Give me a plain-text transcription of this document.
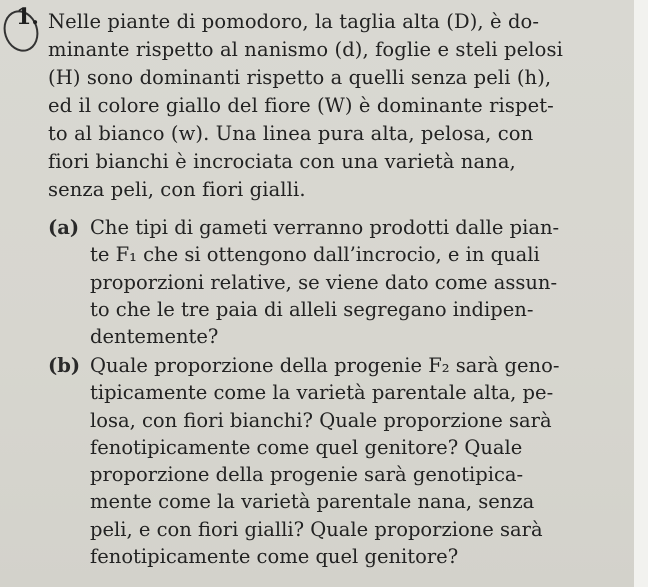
1. Nelle piante di pomodoro, la taglia alta (D), è do-
minante rispetto al nanismo (d), foglie e steli pelosi
(H) sono dominanti rispetto a quelli senza peli (h),
ed il colore giallo del fiore (W) è dominante rispet-
to al bianco (w). Una linea pura alta, pelosa, con
fiori bianchi è incrociata con una varietà nana,
senza peli, con fiori gialli.
(a) Che tipi di gameti verranno prodotti dalle pian-
te F₁ che si ottengono dall’incrocio, e in quali
proporzioni relative, se viene dato come assun-
to che le tre paia di alleli segregano indipen-
dentemente?
(b) Quale proporzione della progenie F₂ sarà geno-
tipicamente come la varietà parentale alta, pe-
losa, con fiori bianchi? Quale proporzione sarà
fenotipicamente come quel genitore? Quale
proporzione della progenie sarà genotipica-
mente come la varietà parentale nana, senza
peli, e con fiori gialli? Quale proporzione sarà
fenotipicamente come quel genitore?
